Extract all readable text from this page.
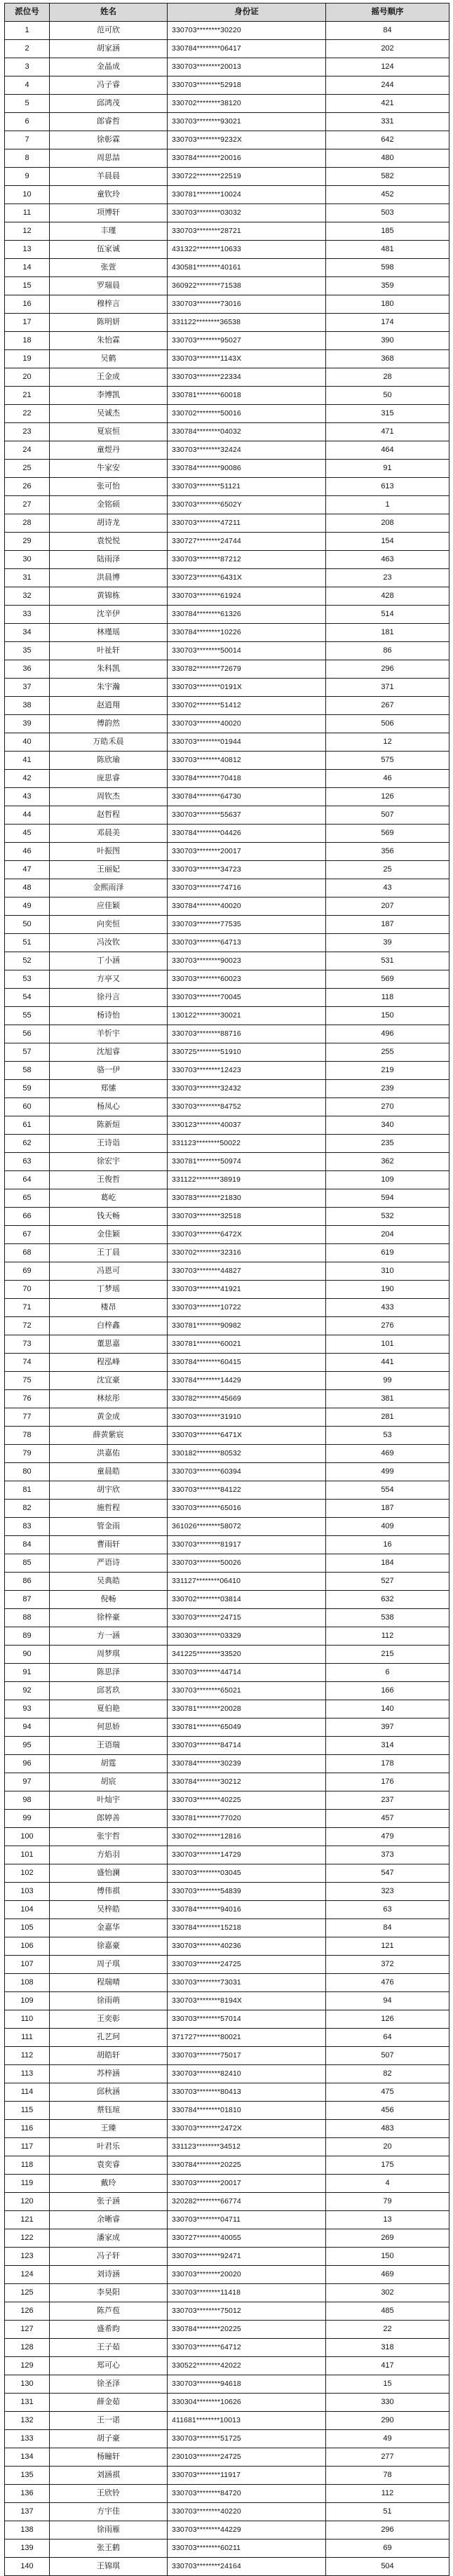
派位号	姓名	身份证	摇号顺序
1	范可欣	330703********30220	84
2	胡家涵	330784********06417	202
3	金晶成	330703********20013	124
4	冯子睿	330703********52918	244
5	邱鸿茂	330702********38120	421
6	郎睿哲	330703********93021	331
7	徐彰霖	330703********9232X	642
8	周思喆	330784********20016	480
9	羊晨晨	330722********22519	582
10	童钦玲	330781********10024	452
11	项博轩	330703********03032	503
12	丰瑾	330703********28721	185
13	伍家诚	431322********10633	481
14	张萱	430581********40161	598
15	罗瑞晨	360922********71538	359
16	穆梓言	330703********73016	180
17	陈明妍	331122********36538	174
18	朱怡霖	330703********95027	390
19	吴鹤	330703********1143X	368
20	王金成	330703********22334	28
21	李博凯	330781********60018	50
22	吴诚杰	330702********50016	315
23	夏宸恒	330784********04032	471
24	童煜丹	330703********32424	464
25	牛家安	330784********90086	91
26	张可怡	330703********51121	613
27	金铭硕	330703********6502Y	1
28	胡诗龙	330703********47211	208
29	袁悦悦	330727********24744	154
30	陆雨泽	330703********87212	463
31	洪晨博	330723********6431X	23
32	黄锦栋	330703********61924	428
33	沈辛伊	330784********61326	514
34	林瑾瑶	330784********10226	181
35	叶祉轩	330703********50014	86
36	朱科凯	330782********72679	296
37	朱宇瀚	330703********0191X	371
38	赵逍翔	330702********51412	267
39	傅韵然	330703********40020	506
40	万皓禾晨	330703********01944	12
41	陈欣瑜	330703********40812	575
42	庞思睿	330784********70418	46
43	周钦杰	330784********64730	126
44	赵哲程	330703********55637	507
45	邓晨美	330784********04426	569
46	叶振图	330703********20017	356
47	王丽妃	330703********34723	25
48	金熙雨泽	330703********74716	43
49	应佳颖	330784********40020	207
50	向奕恒	330703********77535	187
51	冯汝钦	330703********64713	39
52	丁小涵	330703********90023	531
53	方亭又	330703********60023	569
54	徐丹言	330703********70045	118
55	杨诗怡	130122********30021	150
56	羊忻宇	330703********88716	496
57	沈旭睿	330725********51910	255
58	骆一伊	330703********12423	219
59	郑愫	330703********32432	239
60	杨凤心	330703********84752	270
61	陈新烜	330123********40037	340
62	王诗诣	331123********50022	235
63	徐宏宇	330781********50974	362
64	王俊哲	331122********38919	109
65	葛屹	330783********21830	594
66	钱天畅	330703********32518	532
67	金佳颖	330703********6472X	204
68	王丁晨	330702********32316	619
69	冯恩可	330703********44827	310
70	丁梦瑶	330703********41921	190
71	楼昂	330703********10722	433
72	白梓鑫	330781********90982	276
73	董思嘉	330781********60021	101
74	程泓峰	330784********60415	441
75	沈宜豪	330784********14429	99
76	林炫彤	330782********45669	381
77	黄金成	330703********31910	281
78	薛黄紫宸	330703********6471X	53
79	洪嘉佑	330182********80532	469
80	童晨皓	330703********60394	499
81	胡宇欣	330703********84122	554
82	施哲程	330703********65016	187
83	管金雨	361026********58072	409
84	曹雨轩	330703********81917	16
85	严语诗	330703********50026	184
86	吴典皓	331127********06410	527
87	倪畅	330702********03814	632
88	徐梓豪	330703********24715	538
89	方一涵	330303********03329	112
90	周梦琪	341225********33520	215
91	陈思泽	330703********44714	6
92	邱茗玖	330703********65021	166
93	夏伯艳	330781********20028	140
94	何思娇	330781********65049	397
95	王语瑞	330703********84714	314
96	胡霆	330784********30239	178
97	胡宸	330784********30212	176
98	叶灿宇	330703********40225	237
99	郎婷善	330781********77020	457
100	张宇哲	330702********12816	479
101	方焰羽	330703********14729	373
102	盛怡澜	330703********03045	547
103	傅伟祺	330703********54839	323
104	吴梓皓	330784********94016	63
105	金嘉华	330784********15218	84
106	徐嘉豪	330703********40236	121
107	周子琪	330703********24725	372
108	程瑞晴	330703********73031	476
109	徐雨萌	330703********8194X	94
110	王奕彰	330703********57014	126
111	孔艺珂	371727********80021	64
112	胡皓轩	330703********75017	507
113	苏梓涵	330703********82410	82
114	邱秋涵	330703********80413	475
115	蔡钰瑄	330784********01810	456
116	王臻	330703********2472X	483
117	叶君乐	331123********34512	20
118	袁奕睿	330784********20225	175
119	戴玲	330703********20017	4
120	张子涵	320282********66774	79
121	余晰睿	330703********04711	13
122	潘家成	330727********40055	269
123	冯子轩	330703********92471	150
124	刘诗涵	330703********20020	469
125	李昊阳	330703********11418	302
126	陈芦苞	330703********75012	485
127	盛希昀	330784********20225	22
128	王子茹	330703********64712	318
129	郑可心	330522********42022	417
130	徐圣泽	330703********94618	15
131	薛金茹	330304********10626	330
132	王一诺	411681********10013	290
133	胡子豪	330703********51725	49
134	杨瞳轩	230103********24725	277
135	刘涵祺	330703********11917	78
136	王欣铃	330703********84720	112
137	方宇佳	330703********40220	51
138	徐雨雁	330703********44229	296
139	张王鹤	330703********60211	69
140	王锦琪	330703********24164	504
